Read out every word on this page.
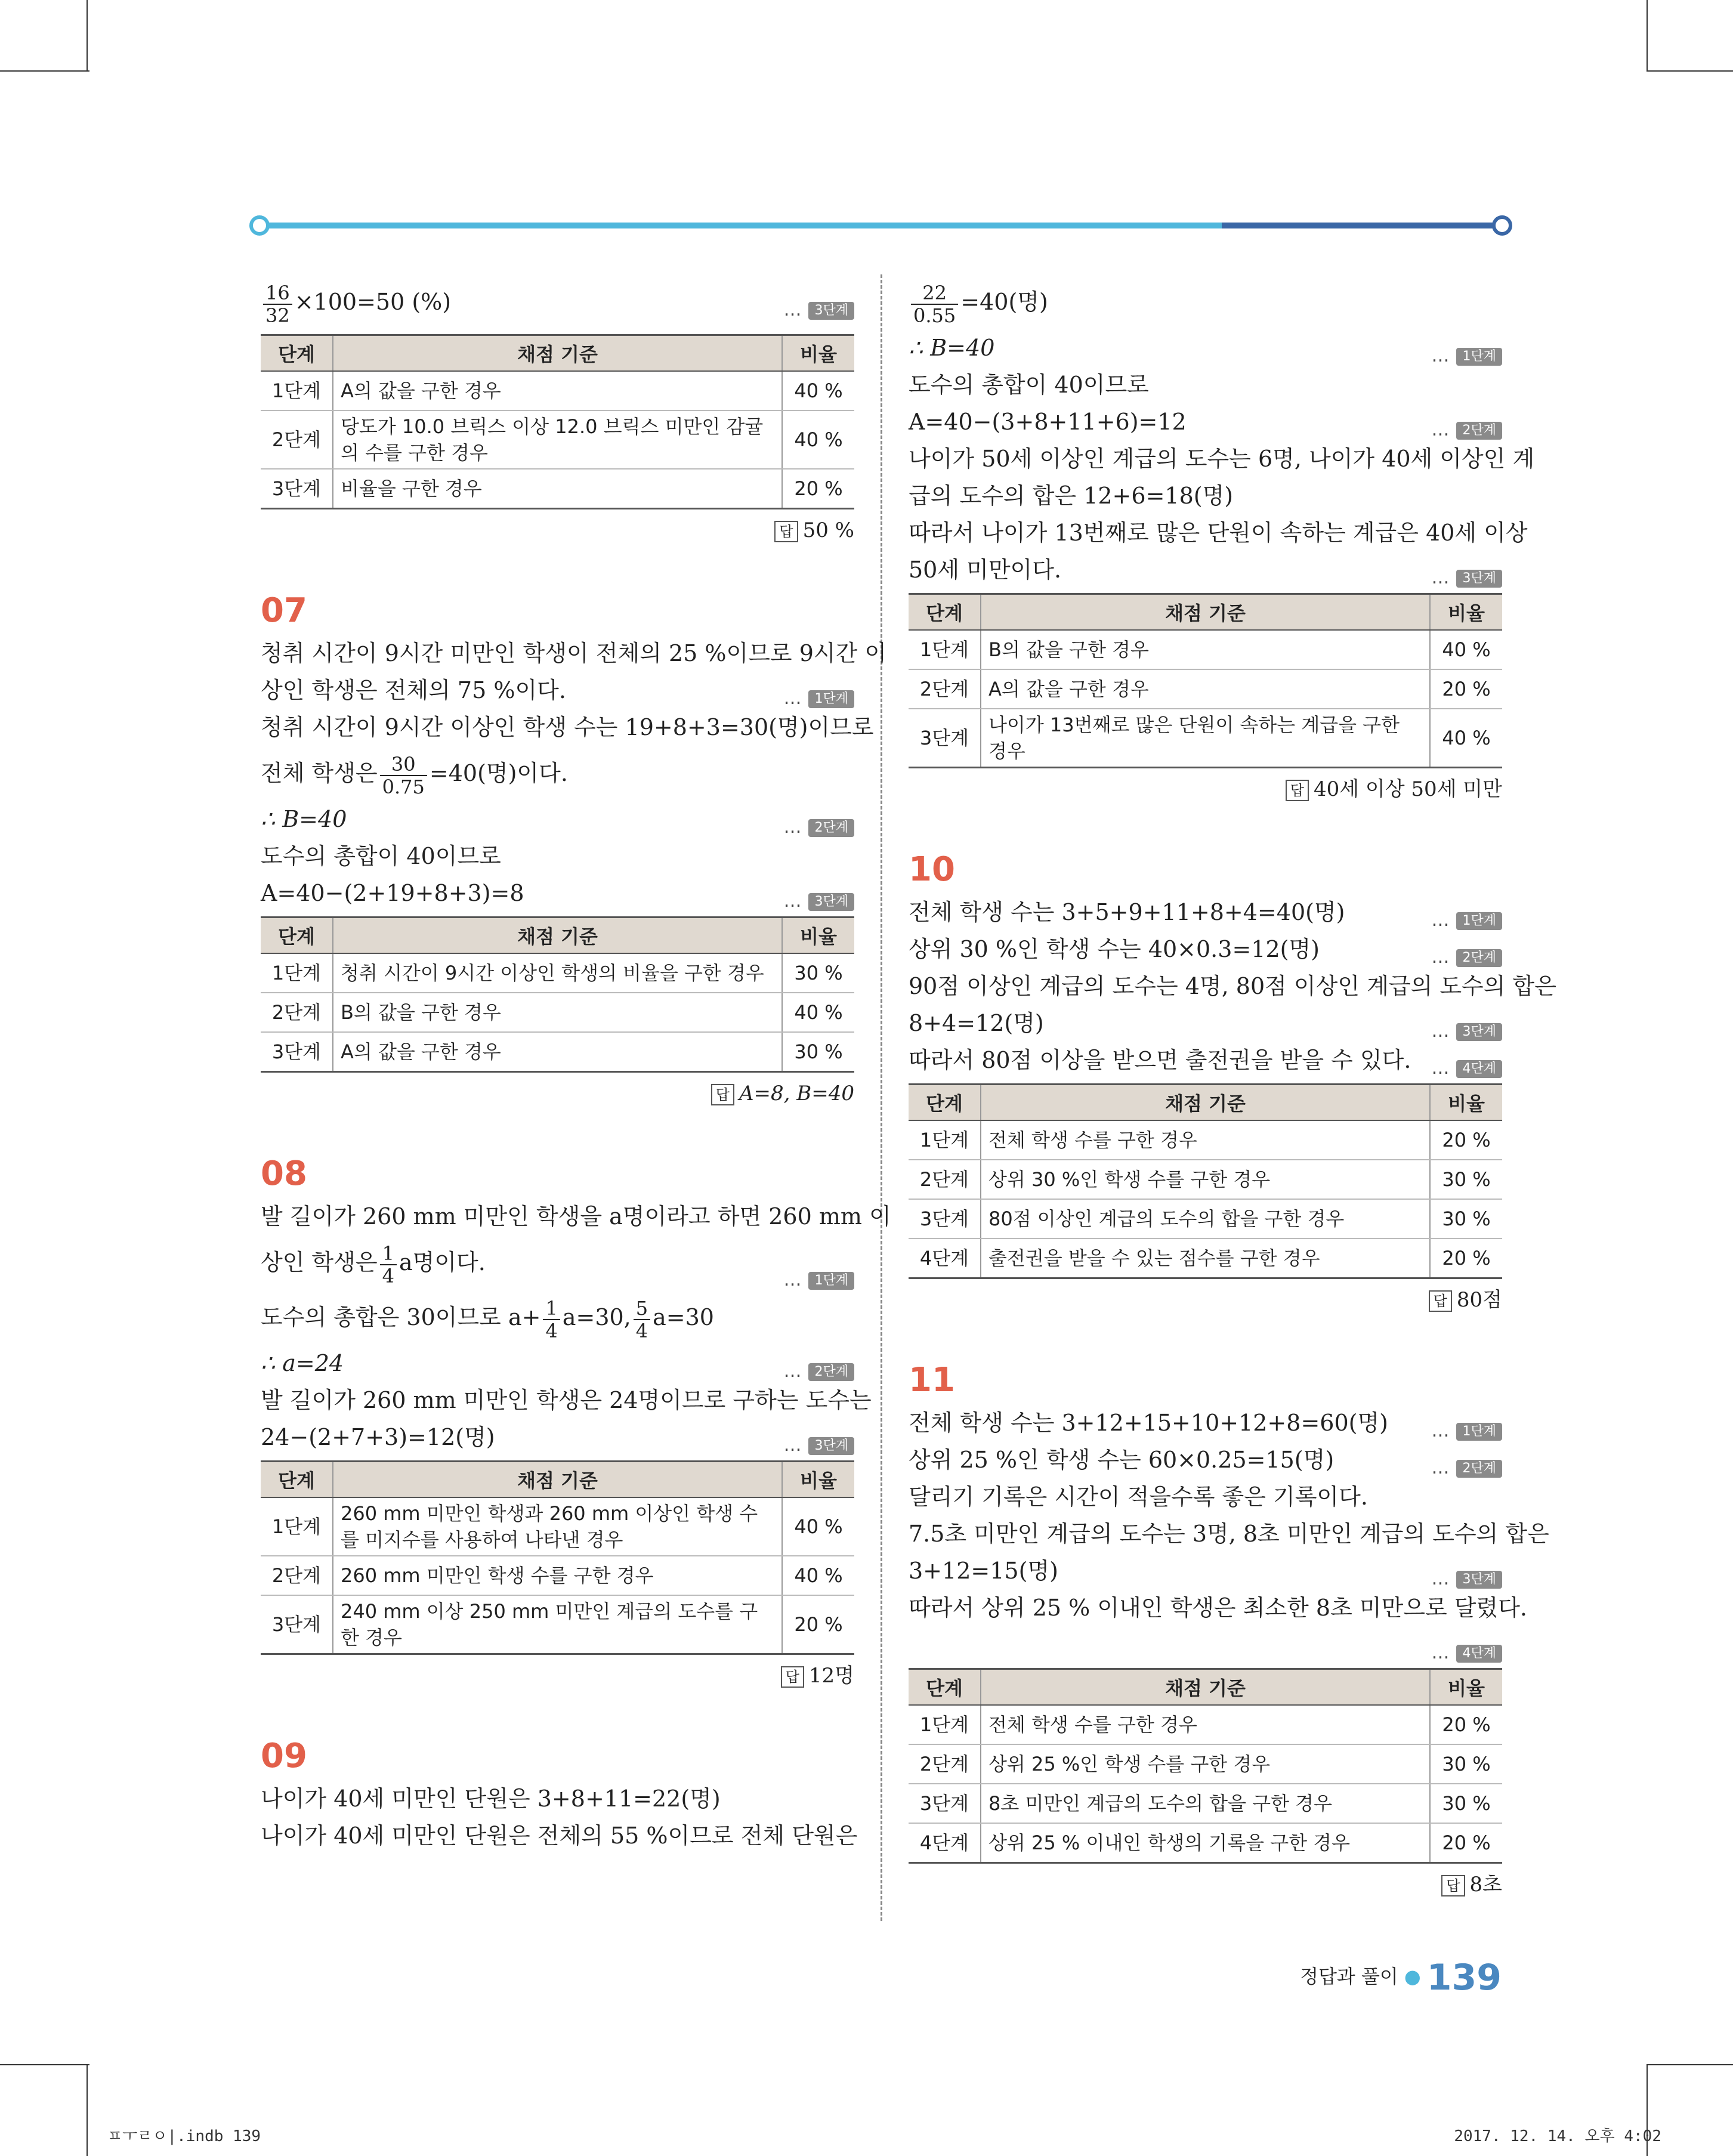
$\frac{16}{32} \times 100=50$ (%)	… 3단계
단계	채점 기준	비율
1단계	A의 값을 구한 경우	40 %
2단계	당도가 10.0 브릭스 이상 12.0 브릭스 미만인 감귤의 수를 구한 경우	40 %
3단계	비율을 구한 경우	20 %
답 50 %
07
청취 시간이 9시간 미만인 학생이 전체의 25 %이므로 9시간 이
상인 학생은 전체의 75 %이다.	… 1단계
청취 시간이 9시간 이상인 학생 수는 19+8+3=30(명)이므로
전체 학생은 $\frac{30}{0.75} =40$(명)이다.
∴ B=40	… 2단계
도수의 총합이 40이므로
A=40−(2+19+8+3)=8	… 3단계
단계	채점 기준	비율
1단계	청취 시간이 9시간 이상인 학생의 비율을 구한 경우	30 %
2단계	B의 값을 구한 경우	40 %
3단계	A의 값을 구한 경우	30 %
답 A=8, B=40
08
발 길이가 260 mm 미만인 학생을 a명이라고 하면 260 mm 이
상인 학생은 $\frac{1}{4}$ a명이다.
… 1단계
도수의 총합은 30이므로 $a+ \frac{1}{4} a=30$, $\frac{5}{4} a=30$
∴ a=24	… 2단계
발 길이가 260 mm 미만인 학생은 24명이므로 구하는 도수는
24−(2+7+3)=12(명)	… 3단계
단계	채점 기준	비율
1단계	260 mm 미만인 학생과 260 mm 이상인 학생 수를 미지수를 사용하여 나타낸 경우	40 %
2단계	260 mm 미만인 학생 수를 구한 경우	40 %
3단계	240 mm 이상 250 mm 미만인 계급의 도수를 구한 경우	20 %
답 12명
09
나이가 40세 미만인 단원은 3+8+11=22(명)
나이가 40세 미만인 단원은 전체의 55 %이므로 전체 단원은
$\frac{22}{0.55} =40$(명)
∴ B=40	… 1단계
도수의 총합이 40이므로
A=40−(3+8+11+6)=12	… 2단계
나이가 50세 이상인 계급의 도수는 6명, 나이가 40세 이상인 계
급의 도수의 합은 12+6=18(명)
따라서 나이가 13번째로 많은 단원이 속하는 계급은 40세 이상
50세 미만이다.	… 3단계
단계	채점 기준	비율
1단계	B의 값을 구한 경우	40 %
2단계	A의 값을 구한 경우	20 %
3단계	나이가 13번째로 많은 단원이 속하는 계급을 구한 경우	40 %
답 40세 이상 50세 미만
10
전체 학생 수는 3+5+9+11+8+4=40(명)	… 1단계
상위 30 %인 학생 수는 40×0.3=12(명)	… 2단계
90점 이상인 계급의 도수는 4명, 80점 이상인 계급의 도수의 합은
8+4=12(명)	… 3단계
따라서 80점 이상을 받으면 출전권을 받을 수 있다. … 4단계
단계	채점 기준	비율
1단계	전체 학생 수를 구한 경우	20 %
2단계	상위 30 %인 학생 수를 구한 경우	30 %
3단계	80점 이상인 계급의 도수의 합을 구한 경우	30 %
4단계	출전권을 받을 수 있는 점수를 구한 경우	20 %
답 80점
11
전체 학생 수는 3+12+15+10+12+8=60(명) … 1단계
상위 25 %인 학생 수는 60×0.25=15(명)	… 2단계
달리기 기록은 시간이 적을수록 좋은 기록이다.
7.5초 미만인 계급의 도수는 3명, 8초 미만인 계급의 도수의 합은
3+12=15(명)	… 3단계
따라서 상위 25 % 이내인 학생은 최소한 8초 미만으로 달렸다.
… 4단계
단계	채점 기준	비율
1단계	전체 학생 수를 구한 경우	20 %
2단계	상위 25 %인 학생 수를 구한 경우	30 %
3단계	8초 미만인 계급의 도수의 합을 구한 경우	30 %
4단계	상위 25 % 이내인 학생의 기록을 구한 경우	20 %
답 8초
정답과 풀이 ● 139
ㅍㅜㄹㅇ|.indb 139	2017. 12. 14. 오후 4:02
